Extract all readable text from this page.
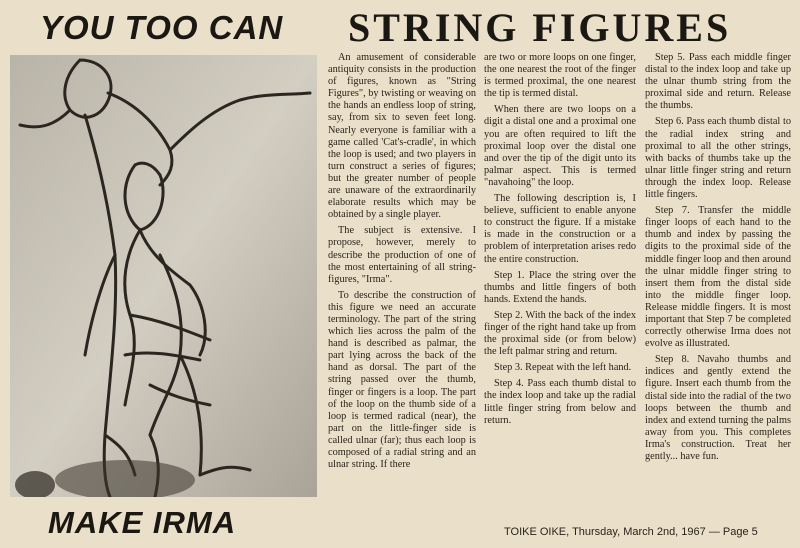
YOU TOO CAN	STRING FIGURES
MAKE IRMA

An amusement of considerable antiquity consists in the production of figures, known as "String Figures", by twisting or weaving on the hands an endless loop of string, say, from six to seven feet long. Nearly everyone is familiar with a game called 'Cat's-cradle', in which the loop is used; and two players in turn construct a series of figures; but the greater number of people are unaware of the extraordinarily elaborate results which may be obtained by a single player.

The subject is extensive. I propose, however, merely to describe the production of one of the most entertaining of all string-figures, "Irma".

To describe the construction of this figure we need an accurate terminology. The part of the string which lies across the palm of the hand is described as palmar, the part lying across the back of the hand as dorsal. The part of the string passed over the thumb, finger or fingers is a loop. The part of the loop on the thumb side of a loop is termed radical (near), the part on the little-finger side is called ulnar (far); thus each loop is composed of a radial string and an ulnar string. If there

are two or more loops on one finger, the one nearest the root of the finger is termed proximal, the one nearest the tip is termed distal.

When there are two loops on a digit a distal one and a proximal one you are often required to lift the proximal loop over the distal one and over the tip of the digit unto its palmar aspect. This is termed "navahoing" the loop.

The following description is, I believe, sufficient to enable anyone to construct the figure. If a mistake is made in the construction or a problem of interpretation arises redo the entire construction.

Step 1. Place the string over the thumbs and little fingers of both hands. Extend the hands.

Step 2. With the back of the index finger of the right hand take up from the proximal side (or from below) the left palmar string and return.

Step 3. Repeat with the left hand.

Step 4. Pass each thumb distal to the index loop and take up the radial little finger string from below and return.

Step 5. Pass each middle finger distal to the index loop and take up the ulnar thumb string from the proximal side and return. Release the thumbs.

Step 6. Pass each thumb distal to the radial index string and proximal to all the other strings, with backs of thumbs take up the ulnar little finger string and return through the index loop. Release little fingers.

Step 7. Transfer the middle finger loops of each hand to the thumb and index by passing the digits to the proximal side of the middle finger loop and then around the ulnar middle finger string to insert them from the distal side into the middle finger loop. Release middle fingers. It is most important that Step 7 be completed correctly otherwise Irma does not evolve as illustrated.

Step 8. Navaho thumbs and indices and gently extend the figure. Insert each thumb from the distal side into the radial of the two loops between the thumb and index and extend turning the palms away from you. This completes Irma's construction. Treat her gently... have fun.

TOIKE OIKE, Thursday, March 2nd, 1967 — Page 5
